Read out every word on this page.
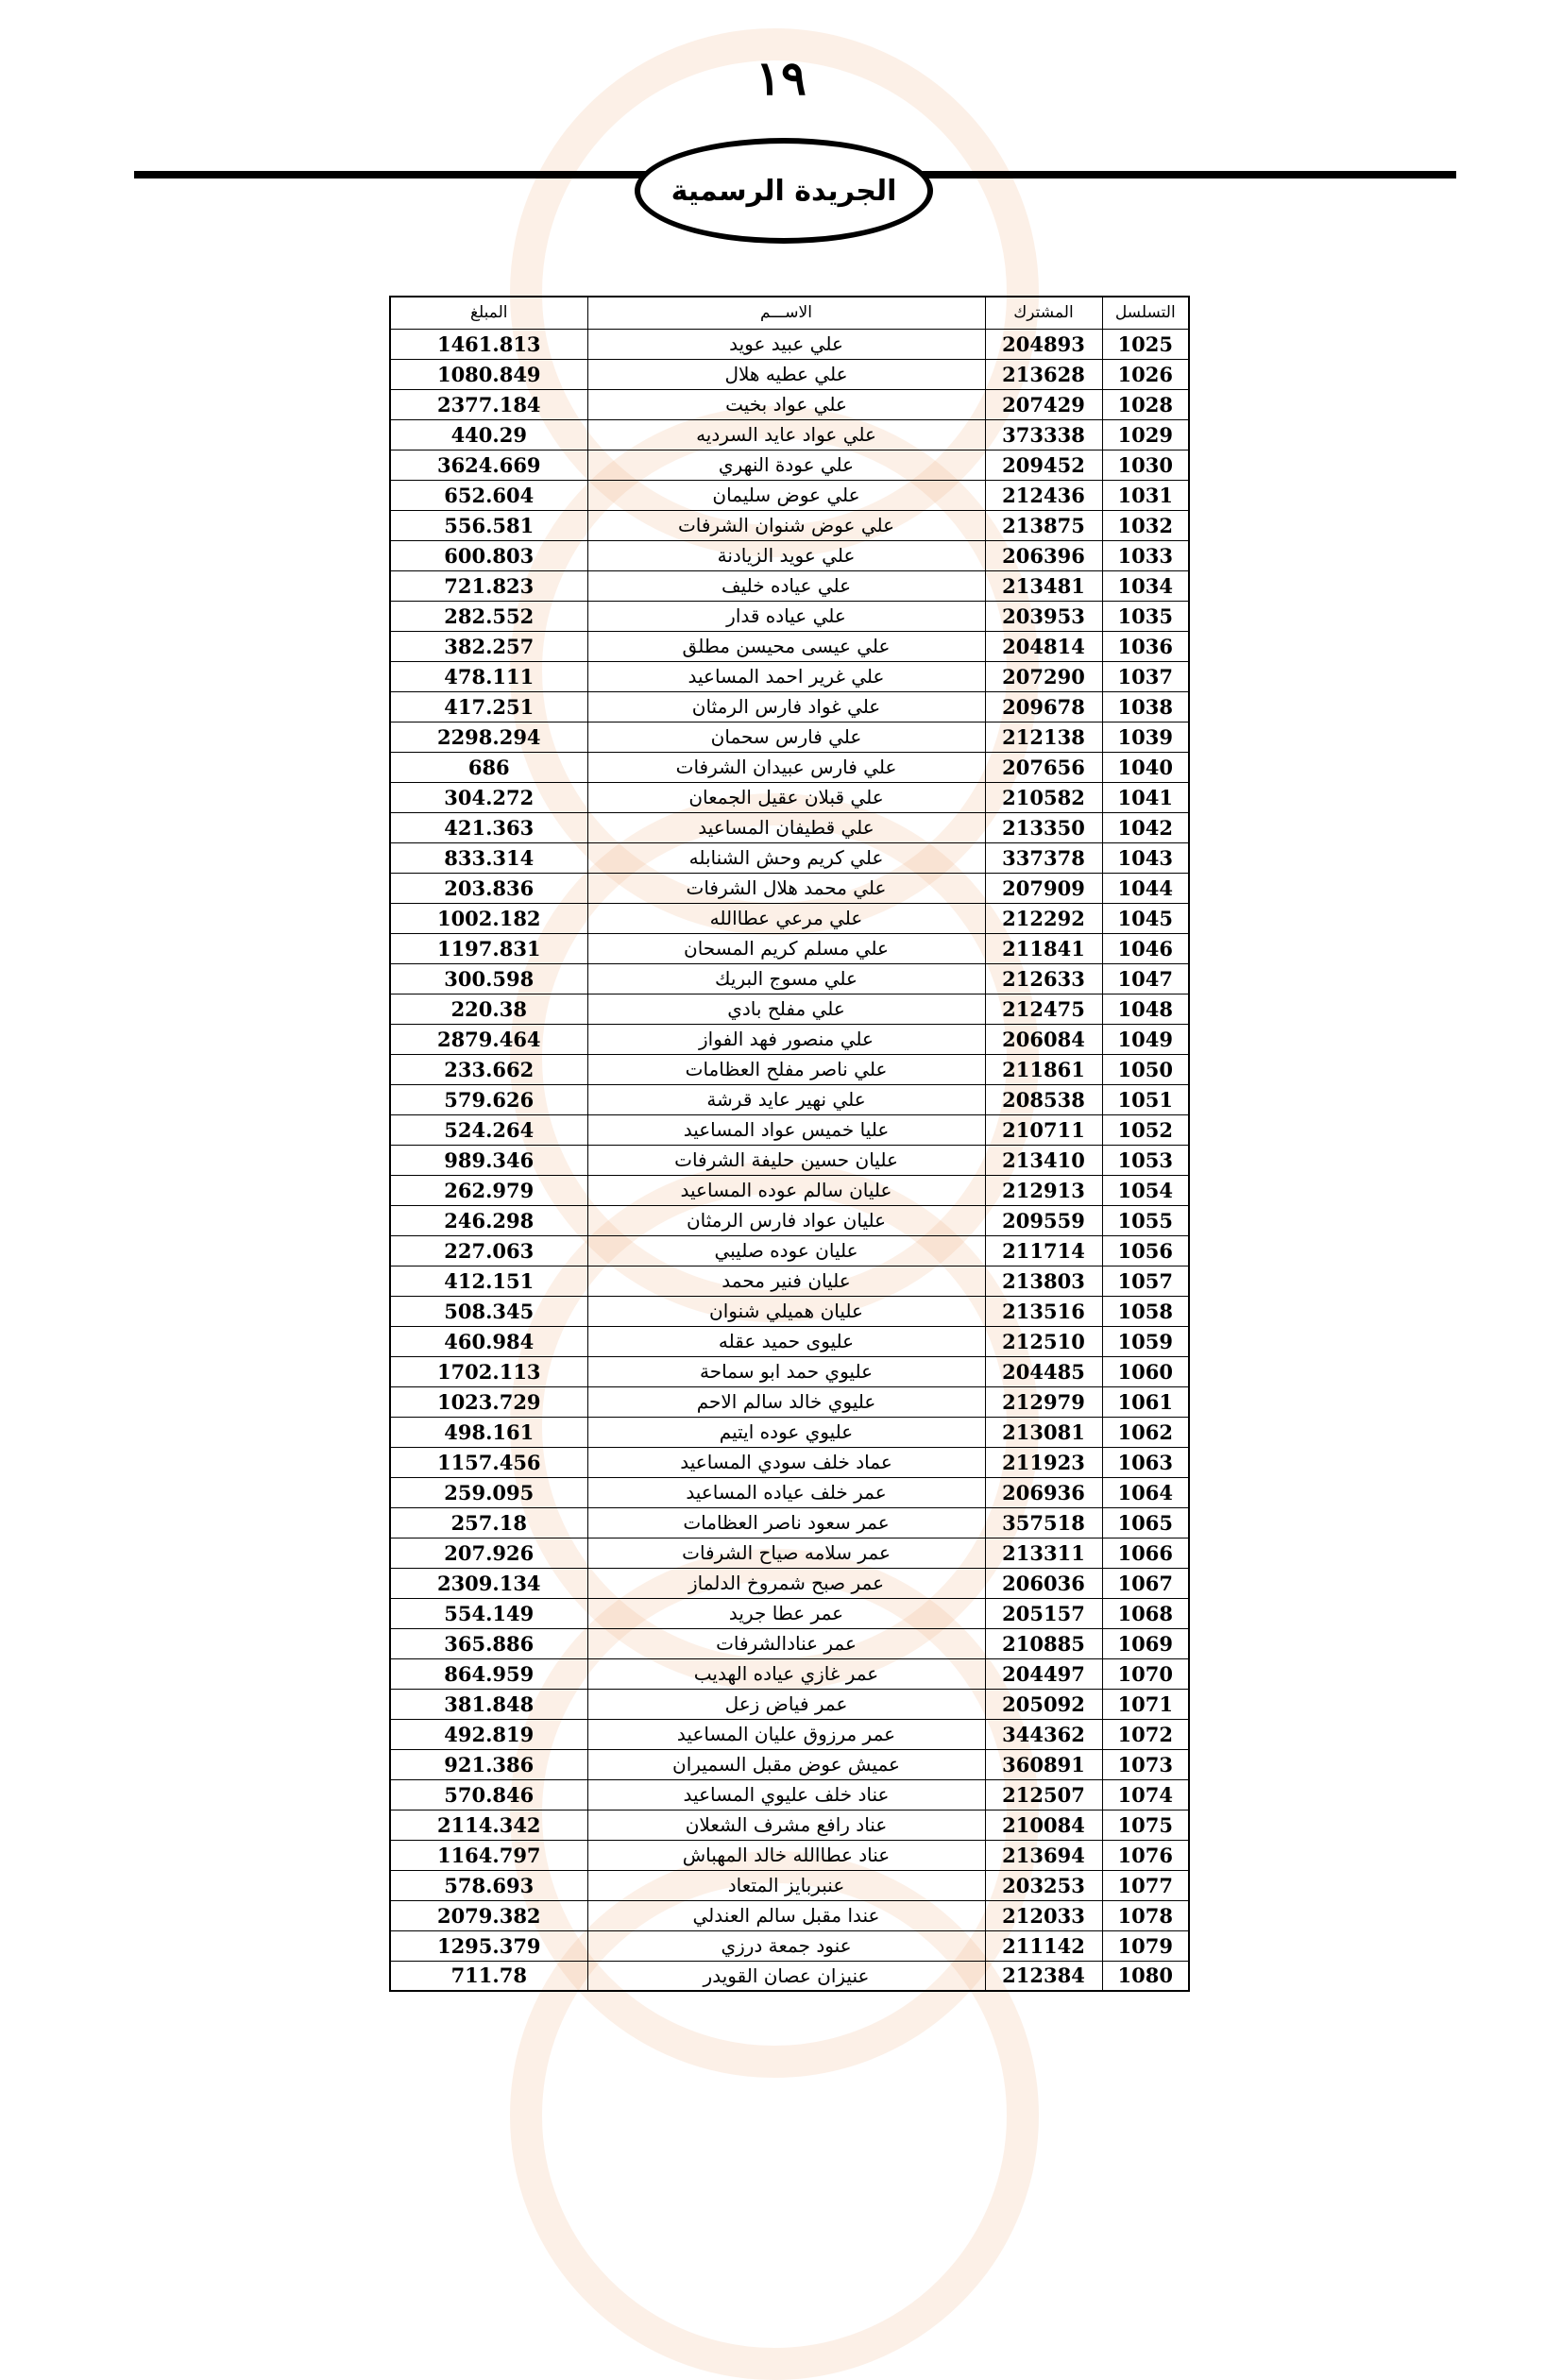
١٩
الجريدة الرسمية
التسلسل	المشترك	الاســـم	المبلغ
1025	204893	علي عبيد عويد	1461.813
1026	213628	علي عطيه هلال	1080.849
1028	207429	علي عواد بخيت	2377.184
1029	373338	علي عواد عايد السرديه	440.29
1030	209452	علي عودة النهري	3624.669
1031	212436	علي عوض سليمان	652.604
1032	213875	علي عوض شنوان الشرفات	556.581
1033	206396	علي عويد الزيادنة	600.803
1034	213481	علي عياده خليف	721.823
1035	203953	علي عياده قدار	282.552
1036	204814	علي عيسى محيسن مطلق	382.257
1037	207290	علي غرير احمد المساعيد	478.111
1038	209678	علي غواد فارس الرمثان	417.251
1039	212138	علي فارس سحمان	2298.294
1040	207656	علي فارس عبيدان الشرفات	686
1041	210582	علي قبلان عقيل الجمعان	304.272
1042	213350	علي قطيفان المساعيد	421.363
1043	337378	علي كريم وحش الشنابله	833.314
1044	207909	علي محمد هلال الشرفات	203.836
1045	212292	علي مرعي عطاالله	1002.182
1046	211841	علي مسلم كريم المسحان	1197.831
1047	212633	علي مسوج البريك	300.598
1048	212475	علي مفلح بادي	220.38
1049	206084	علي منصور فهد الفواز	2879.464
1050	211861	علي ناصر مفلح العظامات	233.662
1051	208538	علي نهير عايد قرشة	579.626
1052	210711	عليا خميس عواد المساعيد	524.264
1053	213410	عليان حسين حليفة الشرفات	989.346
1054	212913	عليان سالم عوده المساعيد	262.979
1055	209559	عليان عواد فارس الرمثان	246.298
1056	211714	عليان عوده صليبي	227.063
1057	213803	عليان فنير محمد	412.151
1058	213516	عليان هميلي شنوان	508.345
1059	212510	عليوى حميد عقله	460.984
1060	204485	عليوي حمد ابو سماحة	1702.113
1061	212979	عليوي خالد سالم الاحم	1023.729
1062	213081	عليوي عوده ايتيم	498.161
1063	211923	عماد خلف سودي المساعيد	1157.456
1064	206936	عمر خلف عياده المساعيد	259.095
1065	357518	عمر سعود ناصر العظامات	257.18
1066	213311	عمر سلامه صياح الشرفات	207.926
1067	206036	عمر صبح شمروخ الدلماز	2309.134
1068	205157	عمر عطا جريد	554.149
1069	210885	عمر عنادالشرفات	365.886
1070	204497	عمر غازي عياده الهديب	864.959
1071	205092	عمر فياض زعل	381.848
1072	344362	عمر مرزوق عليان المساعيد	492.819
1073	360891	عميش عوض مقبل السميران	921.386
1074	212507	عناد خلف عليوي المساعيد	570.846
1075	210084	عناد رافع مشرف الشعلان	2114.342
1076	213694	عناد عطاالله خالد المهباش	1164.797
1077	203253	عنبربايز المتعاد	578.693
1078	212033	عندا مقبل سالم العندلي	2079.382
1079	211142	عنود جمعة درزي	1295.379
1080	212384	عنيزان عصان القويدر	711.78
